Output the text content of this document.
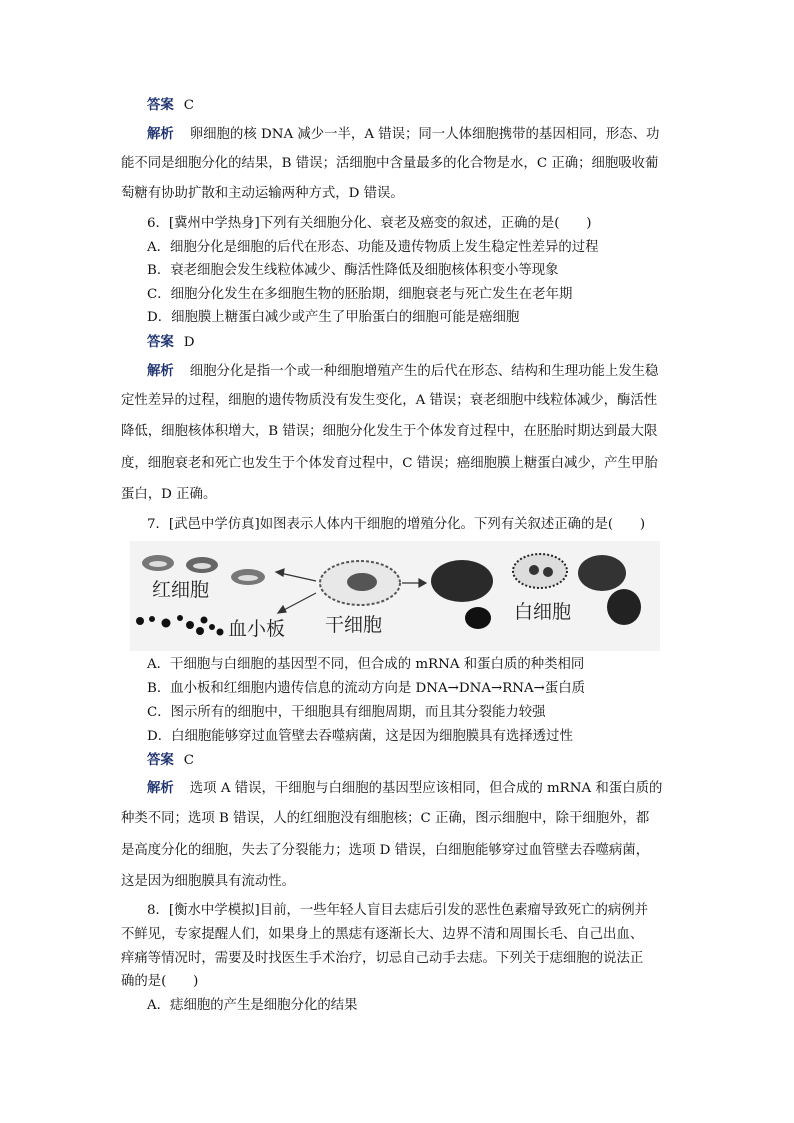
答案 C
解析 卵细胞的核 DNA 减少一半，A 错误；同一人体细胞携带的基因相同，形态、功
能不同是细胞分化的结果，B 错误；活细胞中含量最多的化合物是水，C 正确；细胞吸收葡
萄糖有协助扩散和主动运输两种方式，D 错误。
6．[冀州中学热身]下列有关细胞分化、衰老及癌变的叙述，正确的是(　　)
A．细胞分化是细胞的后代在形态、功能及遗传物质上发生稳定性差异的过程
B．衰老细胞会发生线粒体减少、酶活性降低及细胞核体积变小等现象
C．细胞分化发生在多细胞生物的胚胎期，细胞衰老与死亡发生在老年期
D．细胞膜上糖蛋白减少或产生了甲胎蛋白的细胞可能是癌细胞
答案 D
解析 细胞分化是指一个或一种细胞增殖产生的后代在形态、结构和生理功能上发生稳
定性差异的过程，细胞的遗传物质没有发生变化，A 错误；衰老细胞中线粒体减少，酶活性
降低，细胞核体积增大，B 错误；细胞分化发生于个体发育过程中，在胚胎时期达到最大限
度，细胞衰老和死亡也发生于个体发育过程中，C 错误；癌细胞膜上糖蛋白减少，产生甲胎
蛋白，D 正确。
7．[武邑中学仿真]如图表示人体内干细胞的增殖分化。下列有关叙述正确的是(　　)
红细胞
血小板 干细胞
白细胞
A．干细胞与白细胞的基因型不同，但合成的 mRNA 和蛋白质的种类相同
B．血小板和红细胞内遗传信息的流动方向是 DNA→DNA→RNA→蛋白质
C．图示所有的细胞中，干细胞具有细胞周期，而且其分裂能力较强
D．白细胞能够穿过血管壁去吞噬病菌，这是因为细胞膜具有选择透过性
答案 C
解析 选项 A 错误，干细胞与白细胞的基因型应该相同，但合成的 mRNA 和蛋白质的
种类不同；选项 B 错误，人的红细胞没有细胞核；C 正确，图示细胞中，除干细胞外，都
是高度分化的细胞，失去了分裂能力；选项 D 错误，白细胞能够穿过血管壁去吞噬病菌，
这是因为细胞膜具有流动性。
8．[衡水中学模拟]目前，一些年轻人盲目去痣后引发的恶性色素瘤导致死亡的病例并
不鲜见，专家提醒人们，如果身上的黑痣有逐渐长大、边界不清和周围长毛、自己出血、
痒痛等情况时，需要及时找医生手术治疗，切忌自己动手去痣。下列关于痣细胞的说法正
确的是(　　)
A．痣细胞的产生是细胞分化的结果
